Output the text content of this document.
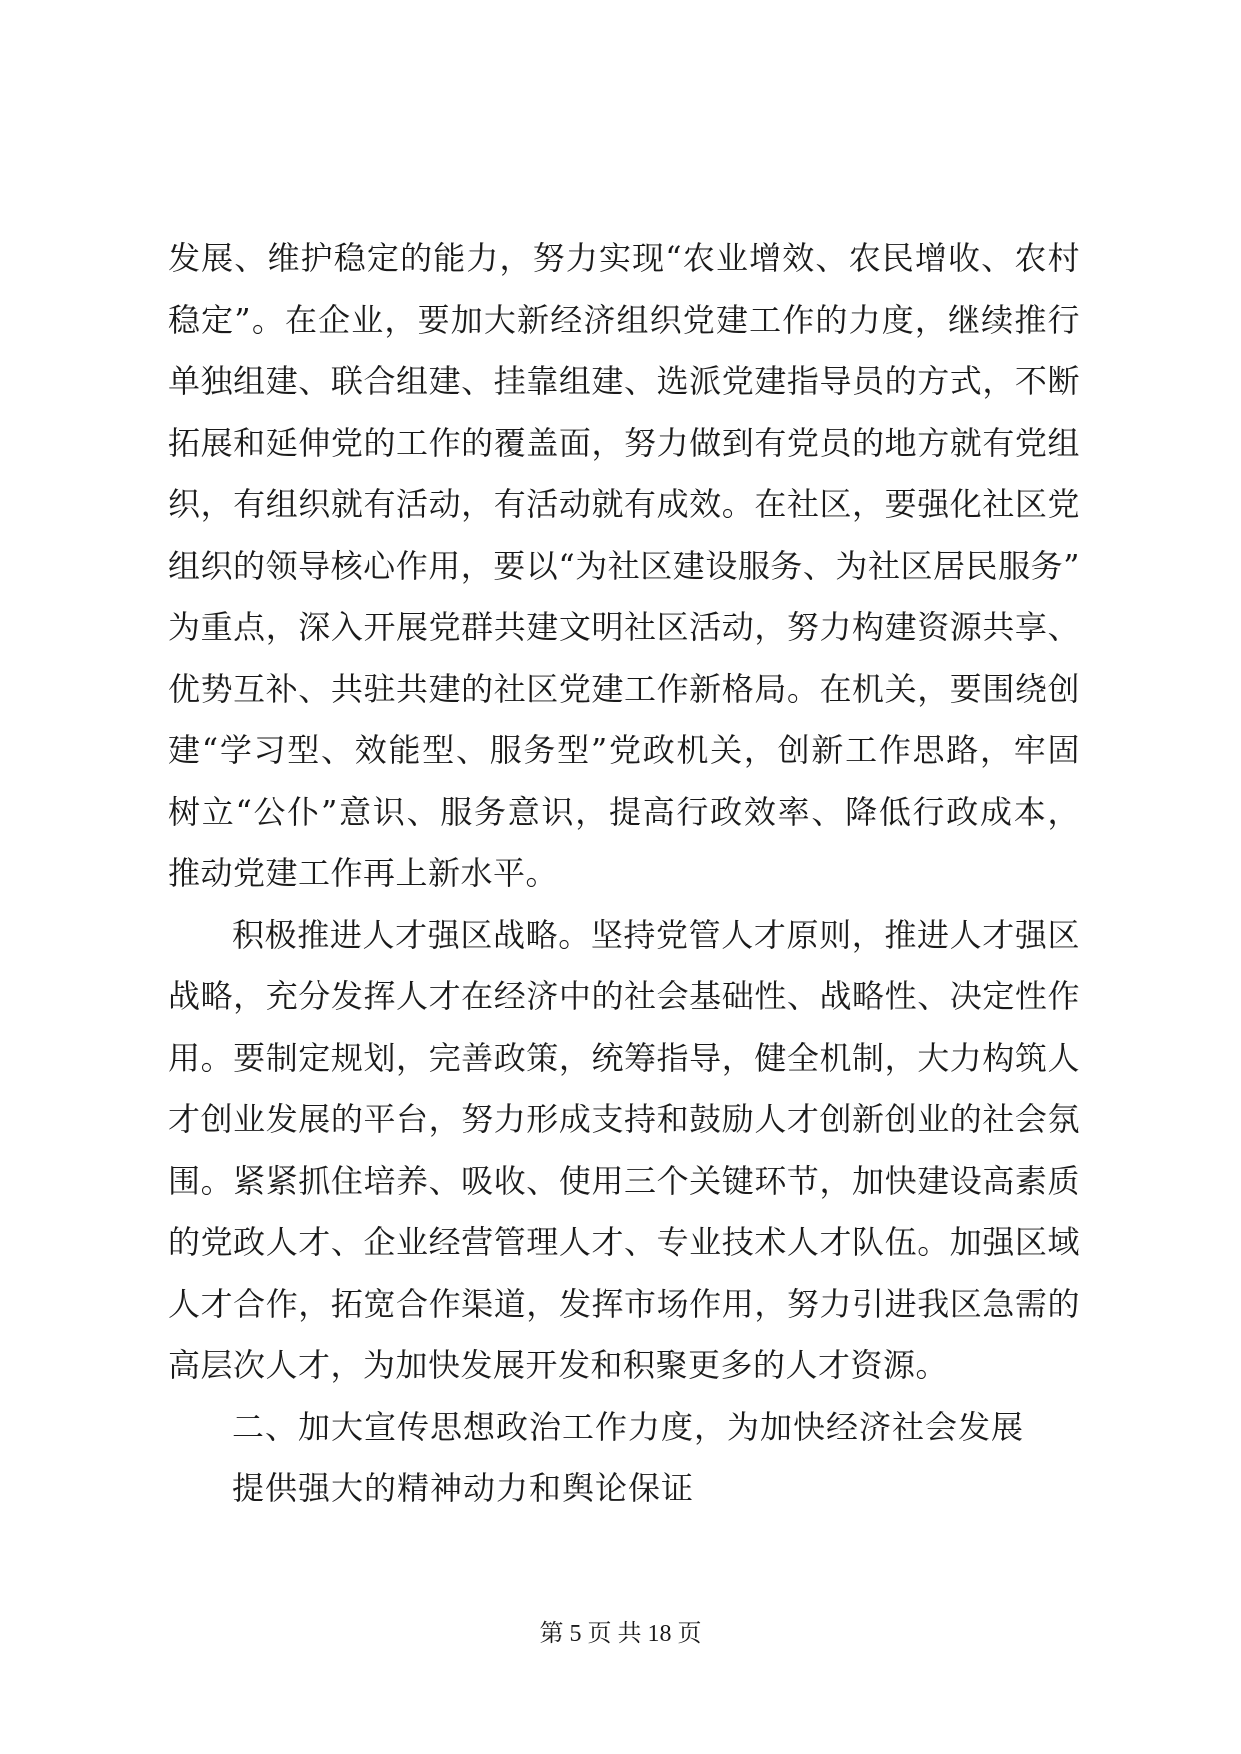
发展、维护稳定的能力，努力实现“农业增效、农民增收、农村
稳定”。在企业，要加大新经济组织党建工作的力度，继续推行
单独组建、联合组建、挂靠组建、选派党建指导员的方式，不断
拓展和延伸党的工作的覆盖面，努力做到有党员的地方就有党组
织，有组织就有活动，有活动就有成效。在社区，要强化社区党
组织的领导核心作用，要以“为社区建设服务、为社区居民服务”
为重点，深入开展党群共建文明社区活动，努力构建资源共享、
优势互补、共驻共建的社区党建工作新格局。在机关，要围绕创
建“学习型、效能型、服务型”党政机关，创新工作思路，牢固
树立“公仆”意识、服务意识，提高行政效率、降低行政成本，
推动党建工作再上新水平。
积极推进人才强区战略。坚持党管人才原则，推进人才强区
战略，充分发挥人才在经济中的社会基础性、战略性、决定性作
用。要制定规划，完善政策，统筹指导，健全机制，大力构筑人
才创业发展的平台，努力形成支持和鼓励人才创新创业的社会氛
围。紧紧抓住培养、吸收、使用三个关键环节，加快建设高素质
的党政人才、企业经营管理人才、专业技术人才队伍。加强区域
人才合作，拓宽合作渠道，发挥市场作用，努力引进我区急需的
高层次人才，为加快发展开发和积聚更多的人才资源。
二、加大宣传思想政治工作力度，为加快经济社会发展
提供强大的精神动力和舆论保证
第 5 页 共 18 页
